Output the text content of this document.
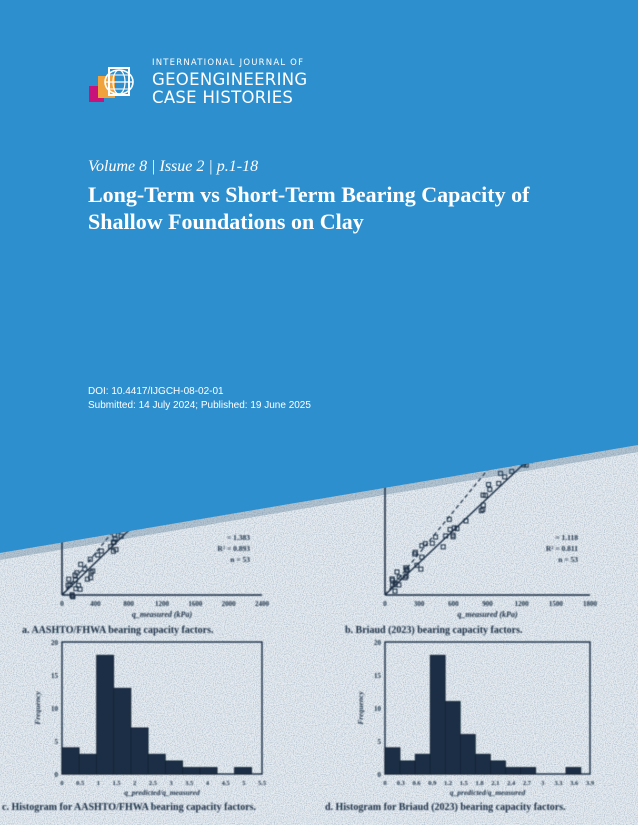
0	400	800	1200	1600	2000	2400
q_measured (kPa)
= 1.383
R² = 0.893
n = 53
a. AASHTO/FHWA bearing capacity factors.
0	300	600	900	1200	1500	1800
q_measured (kPa)
= 1.118
R² = 0.811
n = 53
b. Briaud (2023) bearing capacity factors.
0
5
10
15
20
0 0.5 1 1.5 2 2.5 3 3.5 4 4.5 5 5.5
Frequency
q_predicted/q_measured
c. Histogram for AASHTO/FHWA bearing capacity factors.
0
5
10
15
20
0 0.3 0.6 0.9 1.2 1.5 1.8 2.1 2.4 2.7 3 3.3 3.6 3.9
Frequency
q_predicted/q_measured
d. Histogram for Briaud (2023) bearing capacity factors.
INTERNATIONAL JOURNAL OF
GEOENGINEERING
CASE HISTORIES
Volume 8 | Issue 2 | p.1-18
Long-Term vs Short-Term Bearing Capacity of Shallow Foundations on Clay
DOI: 10.4417/IJGCH-08-02-01
Submitted: 14 July 2024; Published: 19 June 2025
